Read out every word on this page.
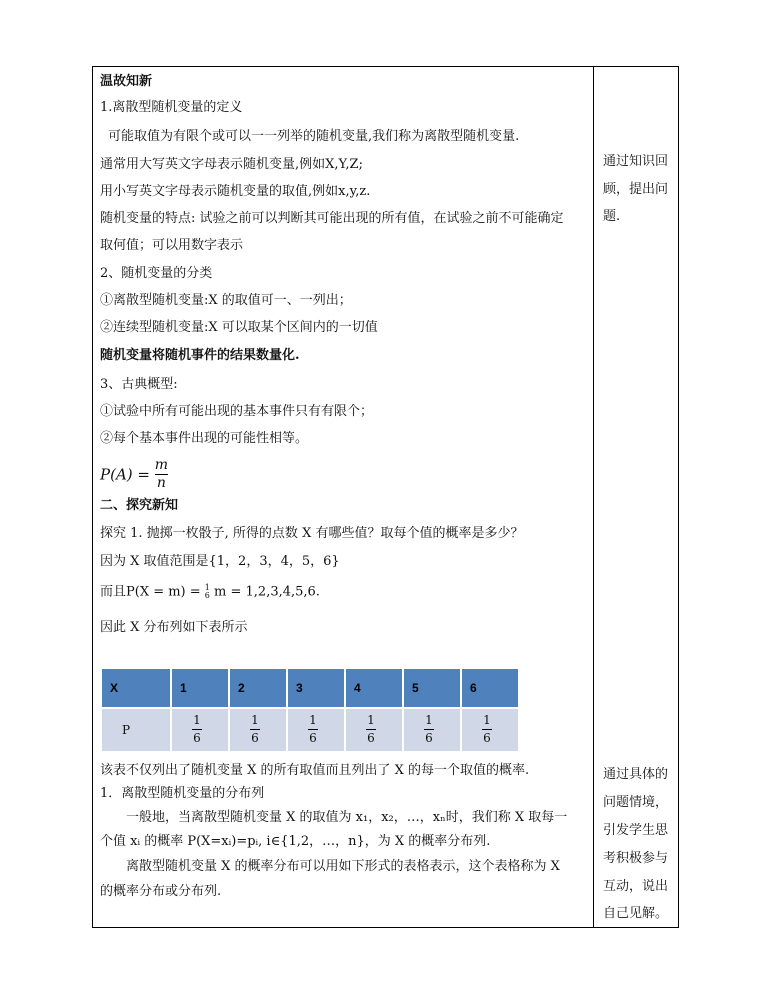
温故知新
1.离散型随机变量的定义
可能取值为有限个或可以一一列举的随机变量,我们称为离散型随机变量.
通常用大写英文字母表示随机变量,例如X,Y,Z;
用小写英文字母表示随机变量的取值,例如x,y,z.
随机变量的特点: 试验之前可以判断其可能出现的所有值，在试验之前不可能确定
取何值；可以用数字表示
2、随机变量的分类
①离散型随机变量:X 的取值可一、一列出；
②连续型随机变量:X 可以取某个区间内的一切值
随机变量将随机事件的结果数量化.
3、古典概型:
①试验中所有可能出现的基本事件只有有限个；
②每个基本事件出现的可能性相等。
$P(A) = \frac{m}{n}$
二、探究新知
探究 1. 抛掷一枚骰子, 所得的点数 X 有哪些值？取每个值的概率是多少？
因为 X 取值范围是{1，2，3，4，5，6}
而且P(X = m) = 1
6 m = 1,2,3,4,5,6.
因此 X 分布列如下表所示
X	1	2	3	4	5	6
P	$\frac{1}{6}$	$\frac{1}{6}$	$\frac{1}{6}$	$\frac{1}{6}$	$\frac{1}{6}$	$\frac{1}{6}$
该表不仅列出了随机变量 X 的所有取值而且列出了 X 的每一个取值的概率.
1．离散型随机变量的分布列
一般地，当离散型随机变量 X 的取值为 x₁，x₂，…，xₙ时，我们称 X 取每一
个值 xᵢ 的概率 P(X=xᵢ)=pᵢ, i∈{1,2，…，n}，为 X 的概率分布列.
离散型随机变量 X 的概率分布可以用如下形式的表格表示，这个表格称为 X
的概率分布或分布列.
通过知识回
顾，提出问
题.
通过具体的
问题情境，
引发学生思
考积极参与
互动，说出
自己见解。
